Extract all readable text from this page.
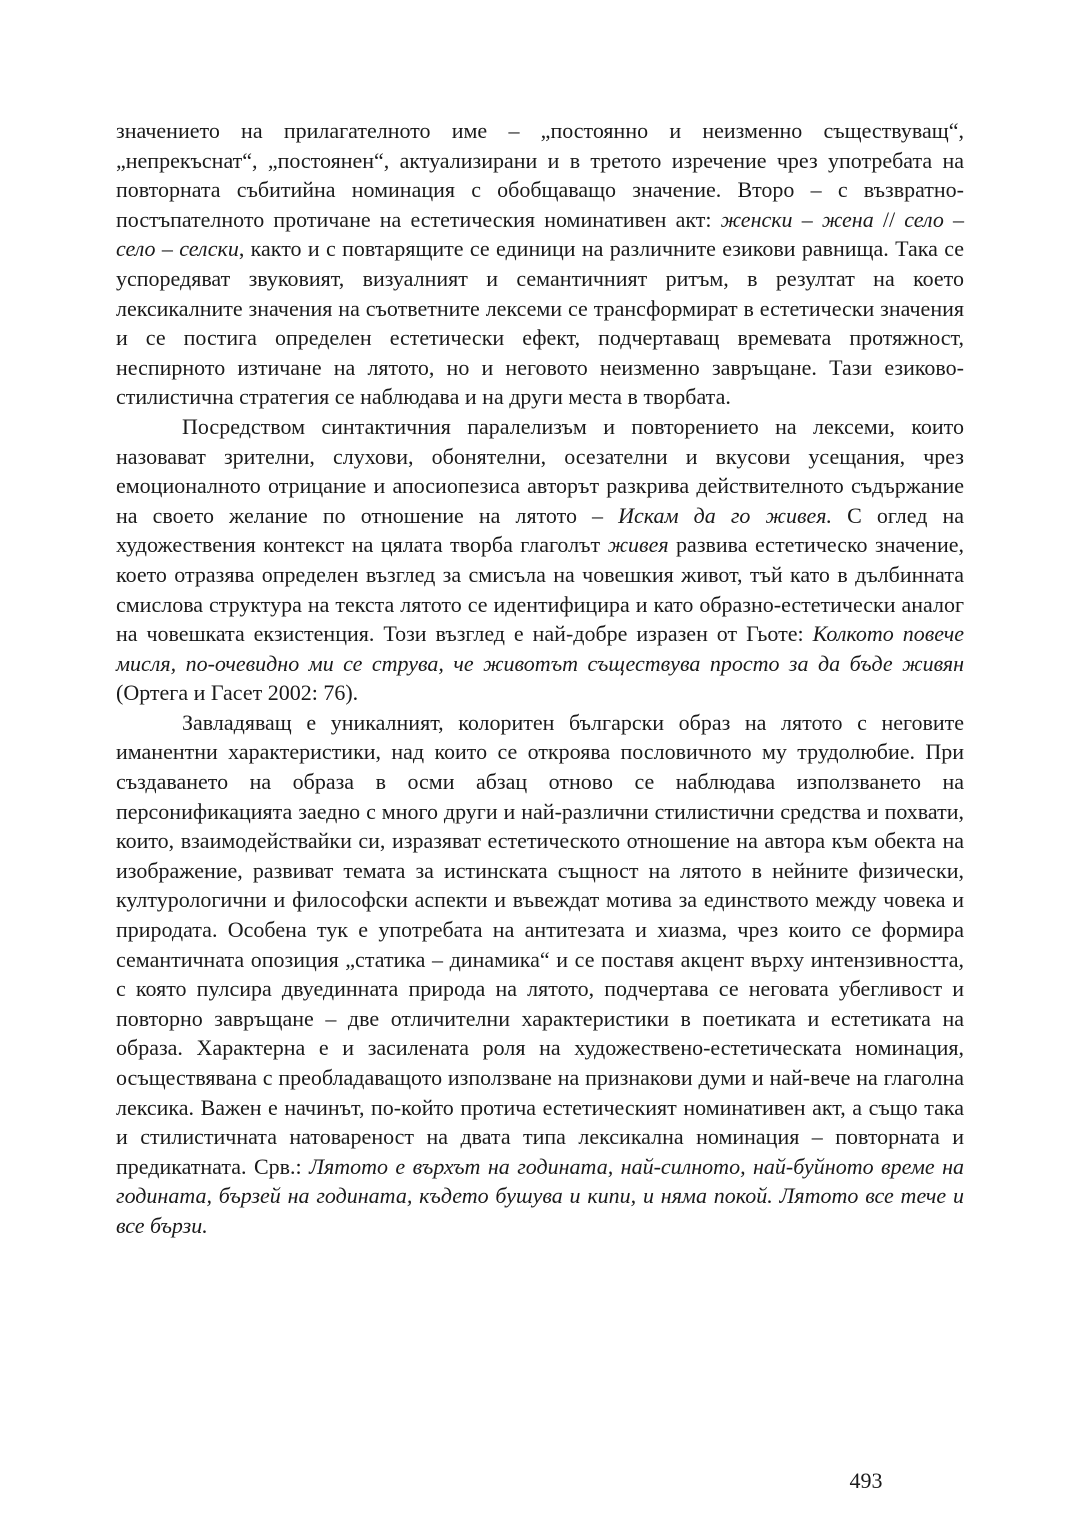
значението на прилагателното име – „постоянно и неизменно съществуващ“, „непрекъснат“, „постоянен“, актуализирани и в третото изречение чрез употребата на повторната събитийна номинация с обобщаващо значение. Второ – с възвратно-постъпателното протичане на естетическия номинативен акт: женски – жена // село – село – селски, както и с повтарящите се единици на различните езикови равнища. Така се успоредяват звуковият, визуалният и семантичният ритъм, в резултат на което лексикалните значения на съответните лексеми се трансформират в естетически значения и се постига определен естетически ефект, подчертаващ времевата протяжност, неспирното изтичане на лятото, но и неговото неизменно завръщане. Тази езиково-стилистична стратегия се наблюдава и на други места в творбата.

Посредством синтактичния паралелизъм и повторението на лексеми, които назовават зрителни, слухови, обонятелни, осезателни и вкусови усещания, чрез емоционалното отрицание и апосиопезиса авторът разкрива действителното съдържание на своето желание по отношение на лятото – Искам да го живея. С оглед на художествения контекст на цялата творба глаголът живея развива естетическо значение, което отразява определен възглед за смисъла на човешкия живот, тъй като в дълбинната смислова структура на текста лятото се идентифицира и като образно-естетически аналог на човешката екзистенция. Този възглед е най-добре изразен от Гьоте: Колкото повече мисля, по-очевидно ми се струва, че животът съществува просто за да бъде живян (Ортега и Гасет 2002: 76).

Завладяващ е уникалният, колоритен български образ на лятото с неговите иманентни характеристики, над които се откроява пословичното му трудолюбие. При създаването на образа в осми абзац отново се наблюдава използването на персонификацията заедно с много други и най-различни стилистични средства и похвати, които, взаимодействайки си, изразяват естетическото отношение на автора към обекта на изображение, развиват темата за истинската същност на лятото в нейните физически, културологични и философски аспекти и въвеждат мотива за единството между човека и природата. Особена тук е употребата на антитезата и хиазма, чрез които се формира семантичната опозиция „статика – динамика“ и се поставя акцент върху интензивността, с която пулсира двуединната природа на лятото, подчертава се неговата убегливост и повторно завръщане – две отличителни характеристики в поетиката и естетиката на образа. Характерна е и засилената роля на художествено-естетическата номинация, осъществявана с преобладаващото използване на признакови думи и най-вече на глаголна лексика. Важен е начинът, по-който протича естетическият номинативен акт, а също така и стилистичната натовареност на двата типа лексикална номинация – повторната и предикатната. Срв.: Лятото е върхът на годината, най-силното, най-буйното време на годината, бързей на годината, където бушува и кипи, и няма покой. Лятото все тече и все бързи.

493
